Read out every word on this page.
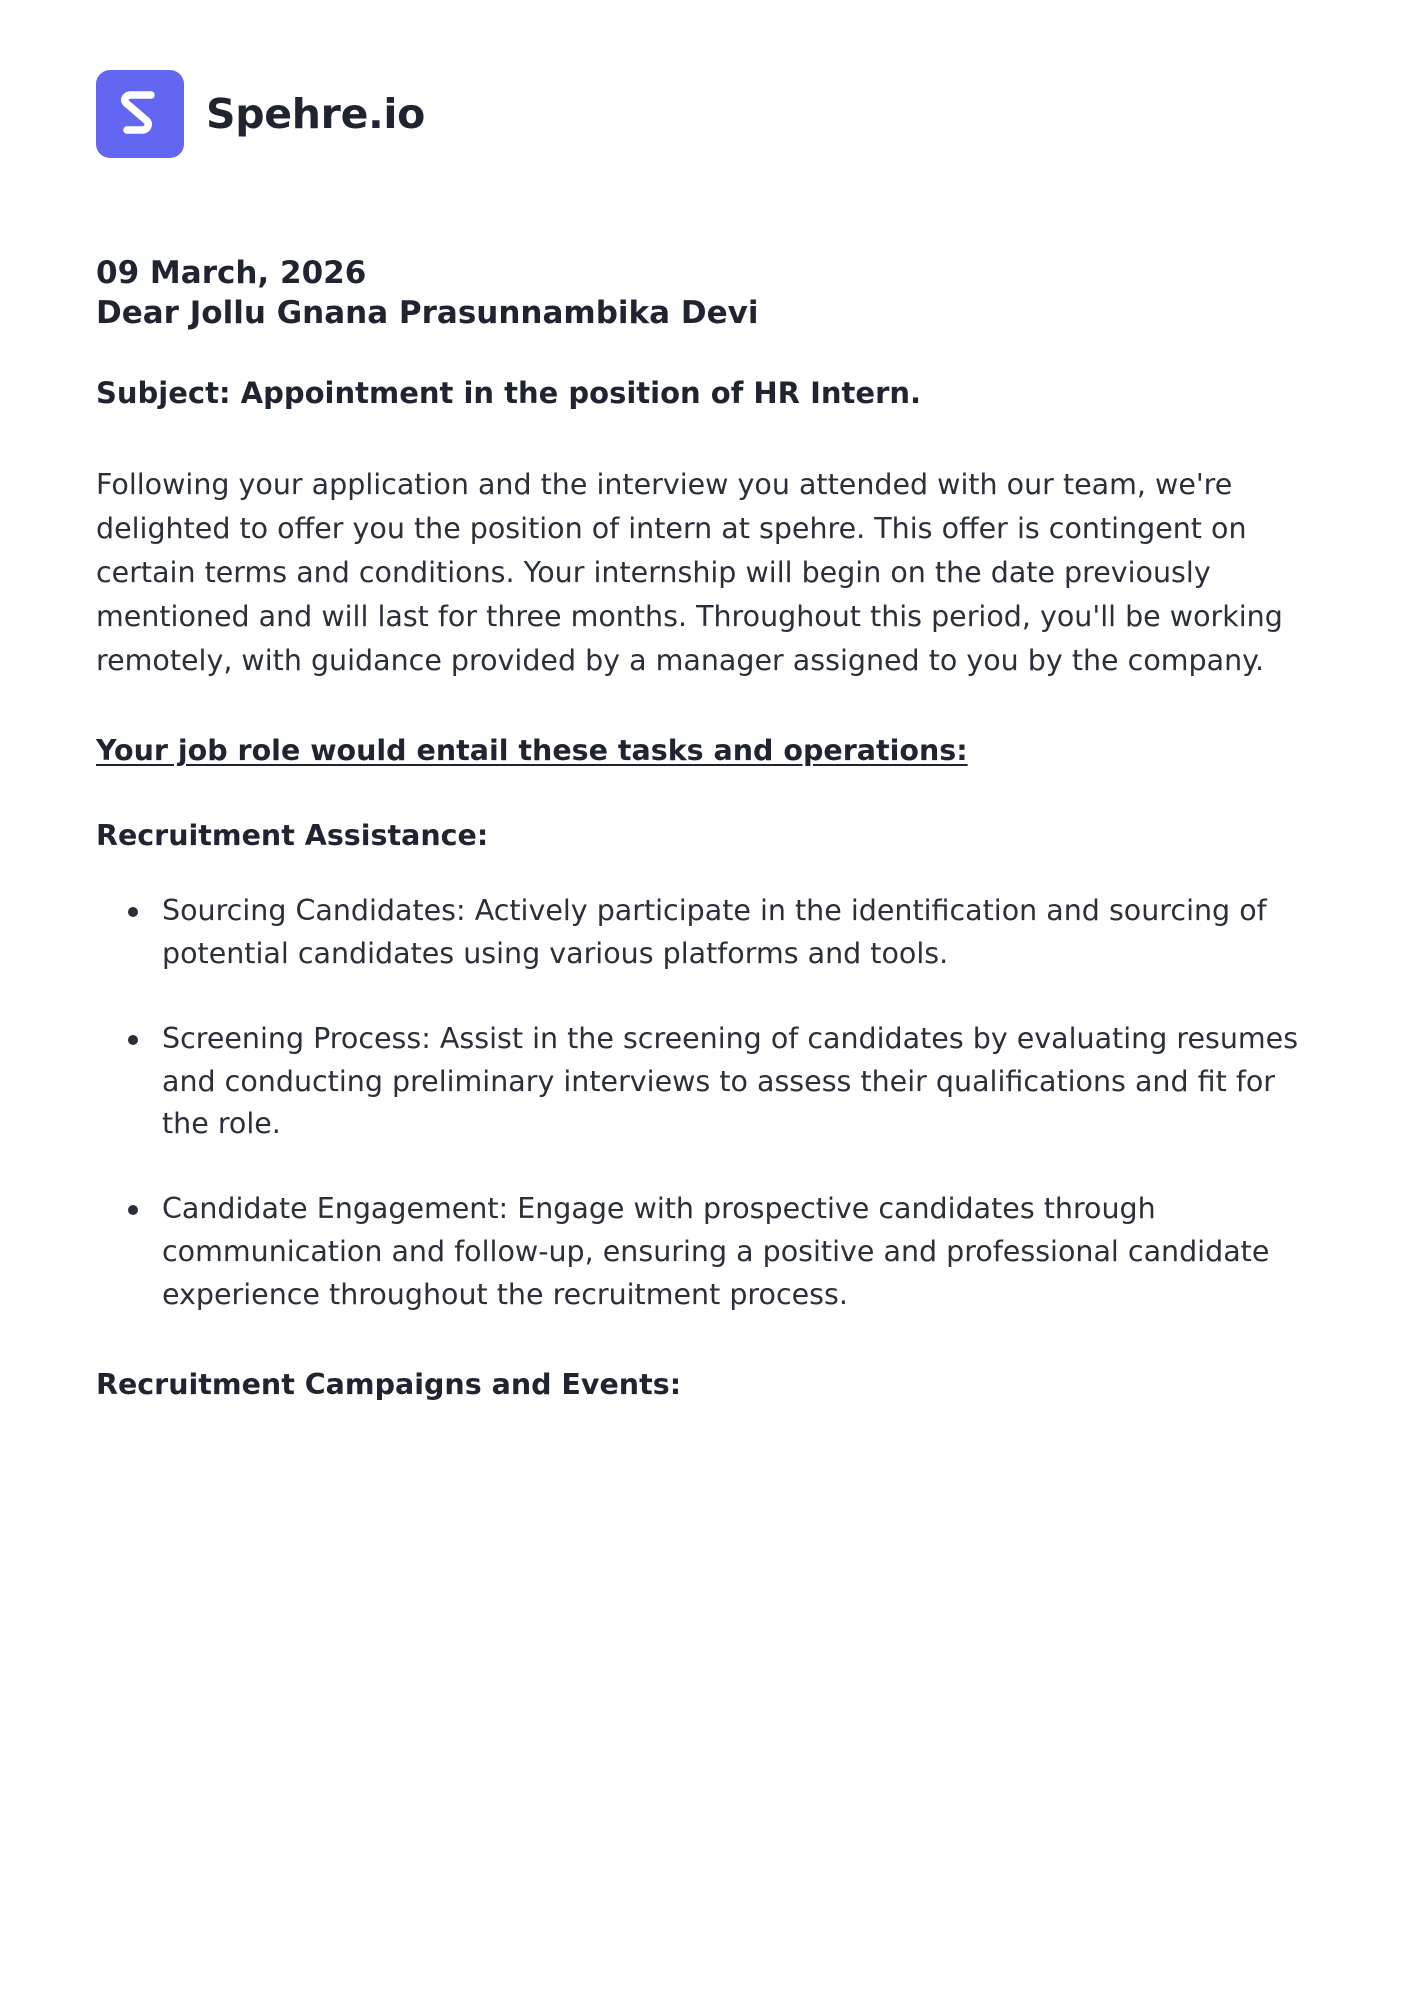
Spehre.io
09 March, 2026
Dear Jollu Gnana Prasunnambika Devi
Subject: Appointment in the position of HR Intern.

Following your application and the interview you attended with our team, we're delighted to offer you the position of intern at spehre. This offer is contingent on certain terms and conditions. Your internship will begin on the date previously mentioned and will last for three months. Throughout this period, you'll be working remotely, with guidance provided by a manager assigned to you by the company.

Your job role would entail these tasks and operations:
Recruitment Assistance:
Sourcing Candidates: Actively participate in the identification and sourcing of potential candidates using various platforms and tools.
Screening Process: Assist in the screening of candidates by evaluating resumes and conducting preliminary interviews to assess their qualifications and fit for the role.
Candidate Engagement: Engage with prospective candidates through communication and follow-up, ensuring a positive and professional candidate experience throughout the recruitment process.
Recruitment Campaigns and Events:
